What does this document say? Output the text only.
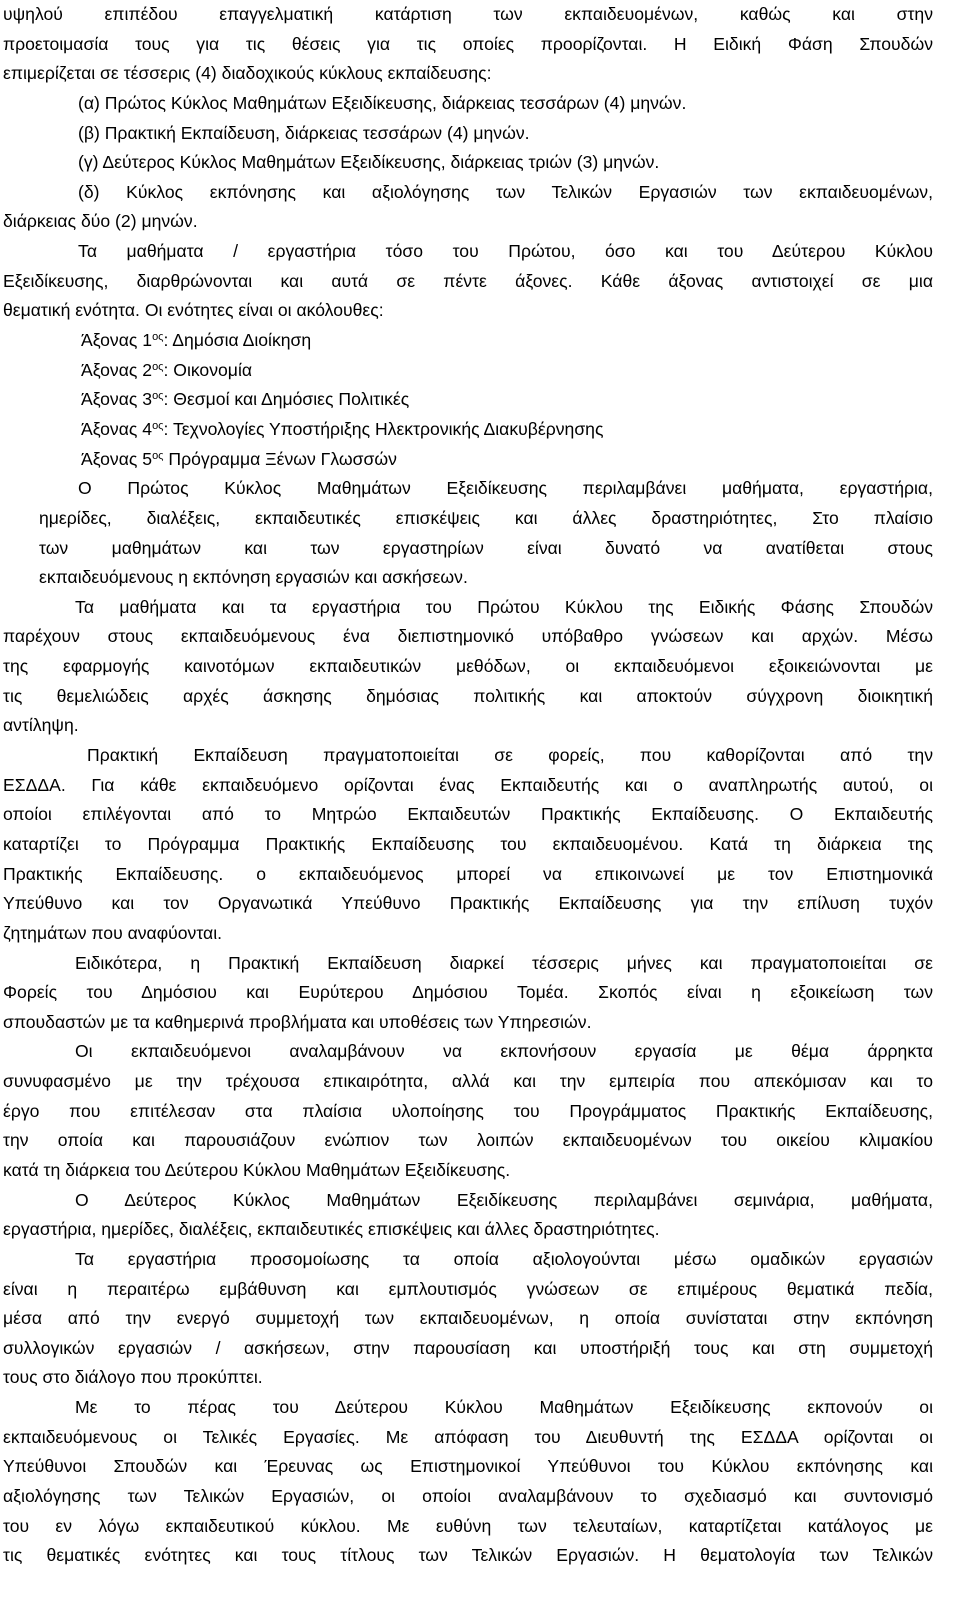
υψηλού επιπέδου επαγγελματική κατάρτιση των εκπαιδευομένων, καθώς και στην
προετοιμασία τους για τις θέσεις για τις οποίες προορίζονται. Η Ειδική Φάση Σπουδών
επιμερίζεται σε τέσσερις (4) διαδοχικούς κύκλους εκπαίδευσης:
(α) Πρώτος Κύκλος Μαθημάτων Εξειδίκευσης, διάρκειας τεσσάρων (4) μηνών.
(β) Πρακτική Εκπαίδευση, διάρκειας τεσσάρων (4) μηνών.
(γ) Δεύτερος Κύκλος Μαθημάτων Εξειδίκευσης, διάρκειας τριών (3) μηνών.
(δ) Κύκλος εκπόνησης και αξιολόγησης των Τελικών Εργασιών των εκπαιδευομένων,
διάρκειας δύο (2) μηνών.
Τα μαθήματα / εργαστήρια τόσο του Πρώτου, όσο και του Δεύτερου Κύκλου
Εξειδίκευσης, διαρθρώνονται και αυτά σε πέντε άξονες. Κάθε άξονας αντιστοιχεί σε μια
θεματική ενότητα. Οι ενότητες είναι οι ακόλουθες:
Άξονας $1^{o\varsigma}$: Δημόσια Διοίκηση
Άξονας $2^{o\varsigma}$: Οικονομία
Άξονας $3^{o\varsigma}$: Θεσμοί και Δημόσιες Πολιτικές
Άξονας $4^{o\varsigma}$: Τεχνολογίες Υποστήριξης Ηλεκτρονικής Διακυβέρνησης
Άξονας $5^{o\varsigma}$ Πρόγραμμα Ξένων Γλωσσών
Ο Πρώτος Κύκλος Μαθημάτων Εξειδίκευσης περιλαμβάνει μαθήματα, εργαστήρια,
ημερίδες, διαλέξεις, εκπαιδευτικές επισκέψεις και άλλες δραστηριότητες, Στο πλαίσιο
των μαθημάτων και των εργαστηρίων είναι δυνατό να ανατίθεται στους
εκπαιδευόμενους η εκπόνηση εργασιών και ασκήσεων.
Τα μαθήματα και τα εργαστήρια του Πρώτου Κύκλου της Ειδικής Φάσης Σπουδών
παρέχουν στους εκπαιδευόμενους ένα διεπιστημονικό υπόβαθρο γνώσεων και αρχών. Μέσω
της εφαρμογής καινοτόμων εκπαιδευτικών μεθόδων, οι εκπαιδευόμενοι εξοικειώνονται με
τις θεμελιώδεις αρχές άσκησης δημόσιας πολιτικής και αποκτούν σύγχρονη διοικητική
αντίληψη.
Πρακτική Εκπαίδευση πραγματοποιείται σε φορείς, που καθορίζονται από την
ΕΣΔΔΑ. Για κάθε εκπαιδευόμενο ορίζονται ένας Εκπαιδευτής και ο αναπληρωτής αυτού, οι
οποίοι επιλέγονται από το Μητρώο Εκπαιδευτών Πρακτικής Εκπαίδευσης. Ο Εκπαιδευτής
καταρτίζει το Πρόγραμμα Πρακτικής Εκπαίδευσης του εκπαιδευομένου. Κατά τη διάρκεια της
Πρακτικής Εκπαίδευσης. ο εκπαιδευόμενος μπορεί να επικοινωνεί με τον Επιστημονικά
Υπεύθυνο και τον Οργανωτικά Υπεύθυνο Πρακτικής Εκπαίδευσης για την επίλυση τυχόν
ζητημάτων που αναφύονται.
Ειδικότερα, η Πρακτική Εκπαίδευση διαρκεί τέσσερις μήνες και πραγματοποιείται σε
Φορείς του Δημόσιου και Ευρύτερου Δημόσιου Τομέα. Σκοπός είναι η εξοικείωση των
σπουδαστών με τα καθημερινά προβλήματα και υποθέσεις των Υπηρεσιών.
Οι εκπαιδευόμενοι αναλαμβάνουν να εκπονήσουν εργασία με θέμα άρρηκτα
συνυφασμένο με την τρέχουσα επικαιρότητα, αλλά και την εμπειρία που απεκόμισαν και το
έργο που επιτέλεσαν στα πλαίσια υλοποίησης του Προγράμματος Πρακτικής Εκπαίδευσης,
την οποία και παρουσιάζουν ενώπιον των λοιπών εκπαιδευομένων του οικείου κλιμακίου
κατά τη διάρκεια του Δεύτερου Κύκλου Μαθημάτων Εξειδίκευσης.
Ο Δεύτερος Κύκλος Μαθημάτων Εξειδίκευσης περιλαμβάνει σεμινάρια, μαθήματα,
εργαστήρια, ημερίδες, διαλέξεις, εκπαιδευτικές επισκέψεις και άλλες δραστηριότητες.
Τα εργαστήρια προσομοίωσης τα οποία αξιολογούνται μέσω ομαδικών εργασιών
είναι η περαιτέρω εμβάθυνση και εμπλουτισμός γνώσεων σε επιμέρους θεματικά πεδία,
μέσα από την ενεργό συμμετοχή των εκπαιδευομένων, η οποία συνίσταται στην εκπόνηση
συλλογικών εργασιών / ασκήσεων, στην παρουσίαση και υποστήριξή τους και στη συμμετοχή
τους στο διάλογο που προκύπτει.
Με το πέρας του Δεύτερου Κύκλου Μαθημάτων Εξειδίκευσης εκπονούν οι
εκπαιδευόμενους οι Τελικές Εργασίες. Με απόφαση του Διευθυντή της ΕΣΔΔΑ ορίζονται οι
Υπεύθυνοι Σπουδών και Έρευνας ως Επιστημονικοί Υπεύθυνοι του Κύκλου εκπόνησης και
αξιολόγησης των Τελικών Εργασιών, οι οποίοι αναλαμβάνουν το σχεδιασμό και συντονισμό
του εν λόγω εκπαιδευτικού κύκλου. Με ευθύνη των τελευταίων, καταρτίζεται κατάλογος με
τις θεματικές ενότητες και τους τίτλους των Τελικών Εργασιών. Η θεματολογία των Τελικών
